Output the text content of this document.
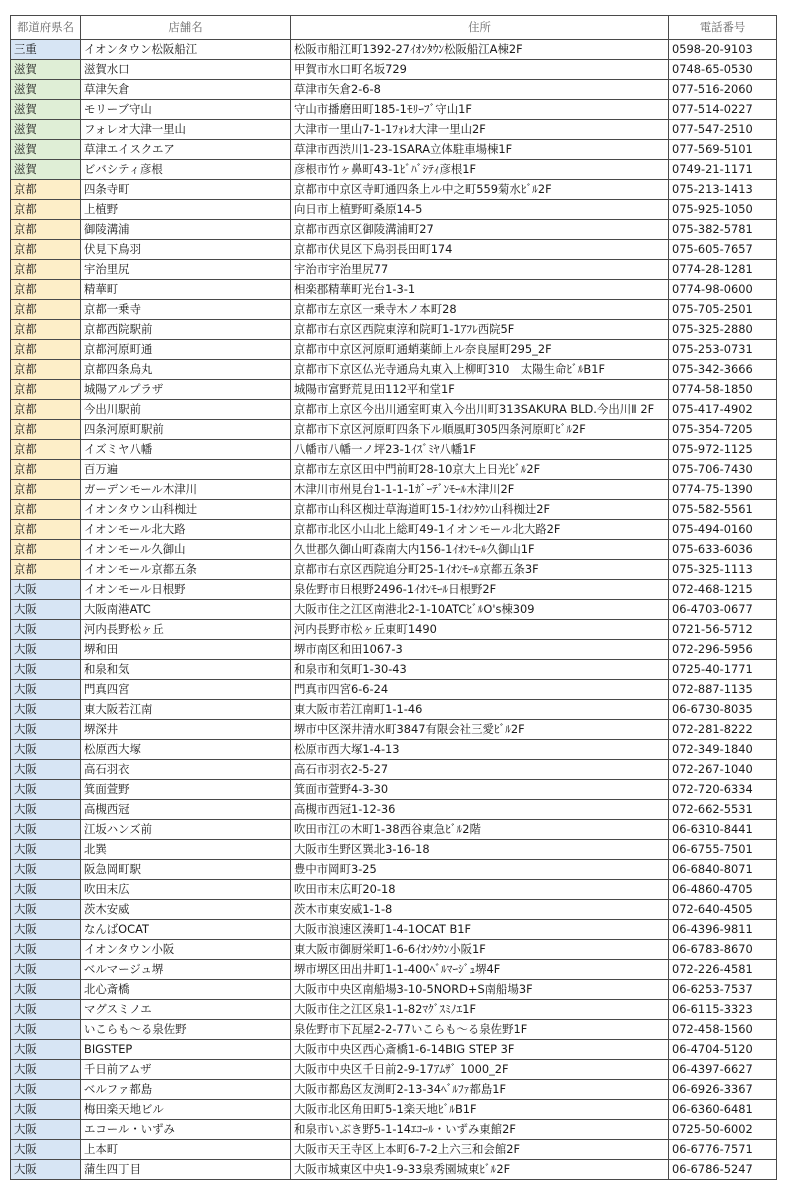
都道府県名	店舗名	住所	電話番号
三重	イオンタウン松阪船江	松阪市船江町1392-27ｲｵﾝﾀｳﾝ松阪船江A棟2F	0598-20-9103
滋賀	滋賀水口	甲賀市水口町名坂729	0748-65-0530
滋賀	草津矢倉	草津市矢倉2-6-8	077-516-2060
滋賀	モリーブ守山	守山市播磨田町185-1ﾓﾘｰﾌﾞ守山1F	077-514-0227
滋賀	フォレオ大津一里山	大津市一里山7-1-1ﾌｫﾚｵ大津一里山2F	077-547-2510
滋賀	草津エイスクエア	草津市西渋川1-23-1SARA立体駐車場棟1F	077-569-5101
滋賀	ビバシティ彦根	彦根市竹ヶ鼻町43-1ﾋﾞﾊﾞｼﾃｨ彦根1F	0749-21-1171
京都	四条寺町	京都市中京区寺町通四条上ル中之町559菊水ﾋﾞﾙ2F	075-213-1413
京都	上植野	向日市上植野町桑原14-5	075-925-1050
京都	御陵溝浦	京都市西京区御陵溝浦町27	075-382-5781
京都	伏見下鳥羽	京都市伏見区下鳥羽長田町174	075-605-7657
京都	宇治里尻	宇治市宇治里尻77	0774-28-1281
京都	精華町	相楽郡精華町光台1-3-1	0774-98-0600
京都	京都一乗寺	京都市左京区一乗寺木ノ本町28	075-705-2501
京都	京都西院駅前	京都市右京区西院東淳和院町1-1ｱﾌﾚ西院5F	075-325-2880
京都	京都河原町通	京都市中京区河原町通蛸薬師上ル奈良屋町295_2F	075-253-0731
京都	京都四条烏丸	京都市下京区仏光寺通烏丸東入上柳町310　太陽生命ﾋﾞﾙB1F	075-342-3666
京都	城陽アルプラザ	城陽市富野荒見田112平和堂1F	0774-58-1850
京都	今出川駅前	京都市上京区今出川通室町東入今出川町313SAKURA BLD.今出川Ⅱ 2F	075-417-4902
京都	四条河原町駅前	京都市下京区河原町四条下ル順風町305四条河原町ﾋﾞﾙ2F	075-354-7205
京都	イズミヤ八幡	八幡市八幡一ノ坪23-1ｲｽﾞﾐﾔ八幡1F	075-972-1125
京都	百万遍	京都市左京区田中門前町28-10京大上日光ﾋﾞﾙ2F	075-706-7430
京都	ガーデンモール木津川	木津川市州見台1-1-1-1ｶﾞｰﾃﾞﾝﾓｰﾙ木津川2F	0774-75-1390
京都	イオンタウン山科椥辻	京都市山科区椥辻草海道町15-1ｲｵﾝﾀｳﾝ山科椥辻2F	075-582-5561
京都	イオンモール北大路	京都市北区小山北上総町49-1イオンモール北大路2F	075-494-0160
京都	イオンモール久御山	久世郡久御山町森南大内156-1ｲｵﾝﾓｰﾙ久御山1F	075-633-6036
京都	イオンモール京都五条	京都市右京区西院追分町25-1ｲｵﾝﾓｰﾙ京都五条3F	075-325-1113
大阪	イオンモール日根野	泉佐野市日根野2496-1ｲｵﾝﾓｰﾙ日根野2F	072-468-1215
大阪	大阪南港ATC	大阪市住之江区南港北2-1-10ATCﾋﾞﾙO's棟309	06-4703-0677
大阪	河内長野松ヶ丘	河内長野市松ヶ丘東町1490	0721-56-5712
大阪	堺和田	堺市南区和田1067-3	072-296-5956
大阪	和泉和気	和泉市和気町1-30-43	0725-40-1771
大阪	門真四宮	門真市四宮6-6-24	072-887-1135
大阪	東大阪若江南	東大阪市若江南町1-1-46	06-6730-8035
大阪	堺深井	堺市中区深井清水町3847有限会社三愛ﾋﾞﾙ2F	072-281-8222
大阪	松原西大塚	松原市西大塚1-4-13	072-349-1840
大阪	高石羽衣	高石市羽衣2-5-27	072-267-1040
大阪	箕面萱野	箕面市萱野4-3-30	072-720-6334
大阪	高槻西冠	高槻市西冠1-12-36	072-662-5531
大阪	江坂ハンズ前	吹田市江の木町1-38西谷東急ﾋﾞﾙ2階	06-6310-8441
大阪	北巽	大阪市生野区巽北3-16-18	06-6755-7501
大阪	阪急岡町駅	豊中市岡町3-25	06-6840-8071
大阪	吹田末広	吹田市末広町20-18	06-4860-4705
大阪	茨木安威	茨木市東安威1-1-8	072-640-4505
大阪	なんばOCAT	大阪市浪速区湊町1-4-1OCAT B1F	06-4396-9811
大阪	イオンタウン小阪	東大阪市御厨栄町1-6-6ｲｵﾝﾀｳﾝ小阪1F	06-6783-8670
大阪	ベルマージュ堺	堺市堺区田出井町1-1-400ﾍﾞﾙﾏｰｼﾞｭ堺4F	072-226-4581
大阪	北心斎橋	大阪市中央区南船場3-10-5NORD+S南船場3F	06-6253-7537
大阪	マグスミノエ	大阪市住之江区泉1-1-82ﾏｸﾞｽﾐﾉｴ1F	06-6115-3323
大阪	いこらも～る泉佐野	泉佐野市下瓦屋2-2-77いこらも～る泉佐野1F	072-458-1560
大阪	BIGSTEP	大阪市中央区西心斎橋1-6-14BIG STEP 3F	06-4704-5120
大阪	千日前アムザ	大阪市中央区千日前2-9-17ｱﾑｻﾞ 1000_2F	06-4397-6627
大阪	ベルファ都島	大阪市都島区友渕町2-13-34ﾍﾞﾙﾌｧ都島1F	06-6926-3367
大阪	梅田楽天地ビル	大阪市北区角田町5-1楽天地ﾋﾞﾙB1F	06-6360-6481
大阪	エコール・いずみ	和泉市いぶき野5-1-14ｴｺｰﾙ・いずみ東館2F	0725-50-6002
大阪	上本町	大阪市天王寺区上本町6-7-2上六三和会館2F	06-6776-7571
大阪	蒲生四丁目	大阪市城東区中央1-9-33泉秀園城東ﾋﾞﾙ2F	06-6786-5247
